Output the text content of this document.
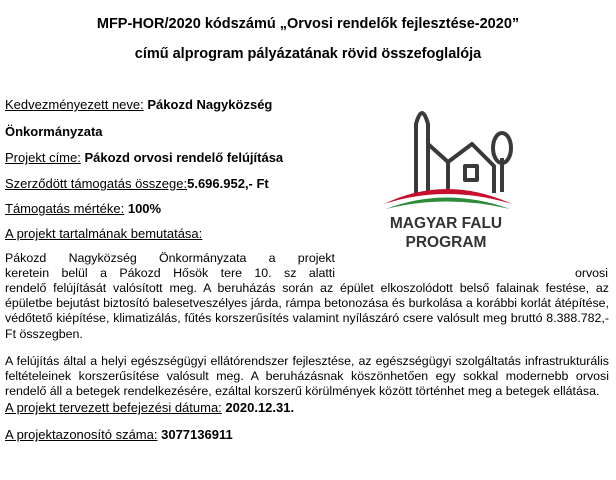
MFP-HOR/2020 kódszámú „Orvosi rendelők fejlesztése-2020”
című alprogram pályázatának rövid összefoglalója
Kedvezményezett neve: Pákozd Nagyközség
Önkormányzata
Projekt címe: Pákozd orvosi rendelő felújítása
Szerződött támogatás összege:5.696.952,- Ft
Támogatás mértéke: 100%
A projekt tartalmának bemutatása:
Pákozd Nagyközség Önkormányzata a projekt
keretein belül a Pákozd Hősök tere 10. sz alatti	orvosi
rendelő felújítását valósított meg. A beruházás során az épület elkoszolódott belső falainak festése, az épületbe bejutást biztosító balesetveszélyes járda, rámpa betonozása és burkolása a korábbi korlát átépítése, védőtető kiépítése, klimatizálás, fűtés korszerűsítés valamint nyílászáró csere valósult meg bruttó 8.388.782,- Ft összegben.
A felújítás által a helyi egészségügyi ellátórendszer fejlesztése, az egészségügyi szolgáltatás infrastrukturális feltételeinek korszerűsítése valósult meg. A beruházásnak köszönhetően egy sokkal modernebb orvosi rendelő áll a betegek rendelkezésére, ezáltal korszerű körülmények között történhet meg a betegek ellátása.
A projekt tervezett befejezési dátuma: 2020.12.31.
A projektazonosító száma: 3077136911
MAGYAR FALU
PROGRAM
